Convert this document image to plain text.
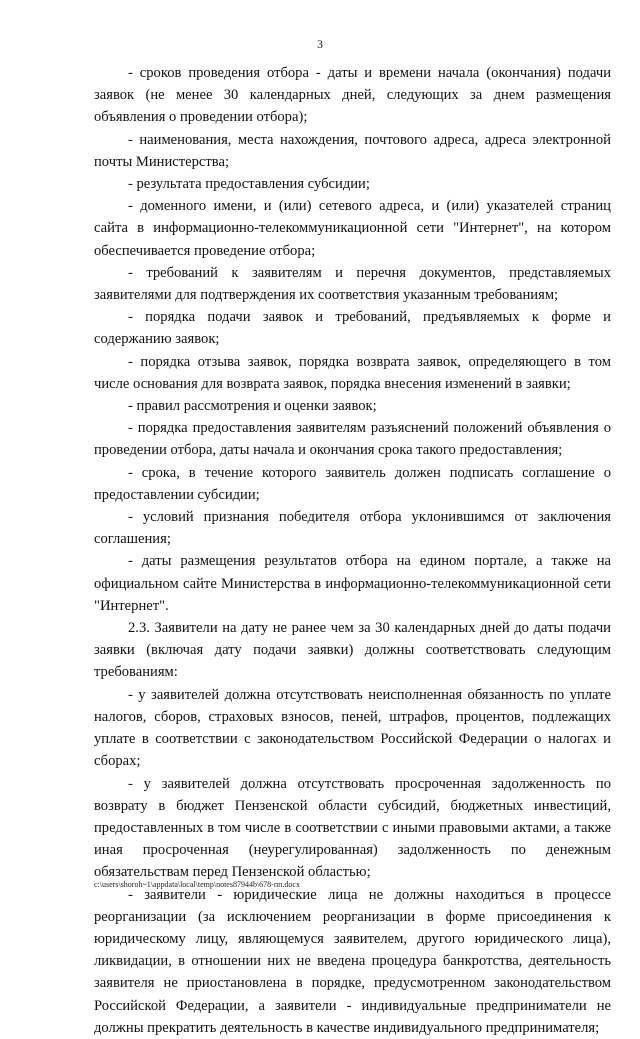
3

- сроков проведения отбора - даты и времени начала (окончания) подачи заявок (не менее 30 календарных дней, следующих за днем размещения объявления о проведении отбора);

- наименования, места нахождения, почтового адреса, адреса электронной почты Министерства;

- результата предоставления субсидии;

- доменного имени, и (или) сетевого адреса, и (или) указателей страниц сайта в информационно-телекоммуникационной сети "Интернет", на котором обеспечивается проведение отбора;

- требований к заявителям и перечня документов, представляемых заявителями для подтверждения их соответствия указанным требованиям;

- порядка подачи заявок и требований, предъявляемых к форме и содержанию заявок;

- порядка отзыва заявок, порядка возврата заявок, определяющего в том числе основания для возврата заявок, порядка внесения изменений в заявки;

- правил рассмотрения и оценки заявок;

- порядка предоставления заявителям разъяснений положений объявления о проведении отбора, даты начала и окончания срока такого предоставления;

- срока, в течение которого заявитель должен подписать соглашение о предоставлении субсидии;

- условий признания победителя отбора уклонившимся от заключения соглашения;

- даты размещения результатов отбора на едином портале, а также на официальном сайте Министерства в информационно-телекоммуникационной сети "Интернет".

2.3. Заявители на дату не ранее чем за 30 календарных дней до даты подачи заявки (включая дату подачи заявки) должны соответствовать следующим требованиям:

- у заявителей должна отсутствовать неисполненная обязанность по уплате налогов, сборов, страховых взносов, пеней, штрафов, процентов, подлежащих уплате в соответствии с законодательством Российской Федерации о налогах и сборах;

- у заявителей должна отсутствовать просроченная задолженность по возврату в бюджет Пензенской области субсидий, бюджетных инвестиций, предоставленных в том числе в соответствии с иными правовыми актами, а также иная просроченная (неурегулированная) задолженность по денежным обязательствам перед Пензенской областью;

- заявители - юридические лица не должны находиться в процессе реорганизации (за исключением реорганизации в форме присоединения к юридическому лицу, являющемуся заявителем, другого юридического лица), ликвидации, в отношении них не введена процедура банкротства, деятельность заявителя не приостановлена в порядке, предусмотренном законодательством Российской Федерации, а заявители - индивидуальные предприниматели не должны прекратить деятельность в качестве индивидуального предпринимателя;

c:\users\shoroh~1\appdata\local\temp\notes87944b\678-пп.docx
